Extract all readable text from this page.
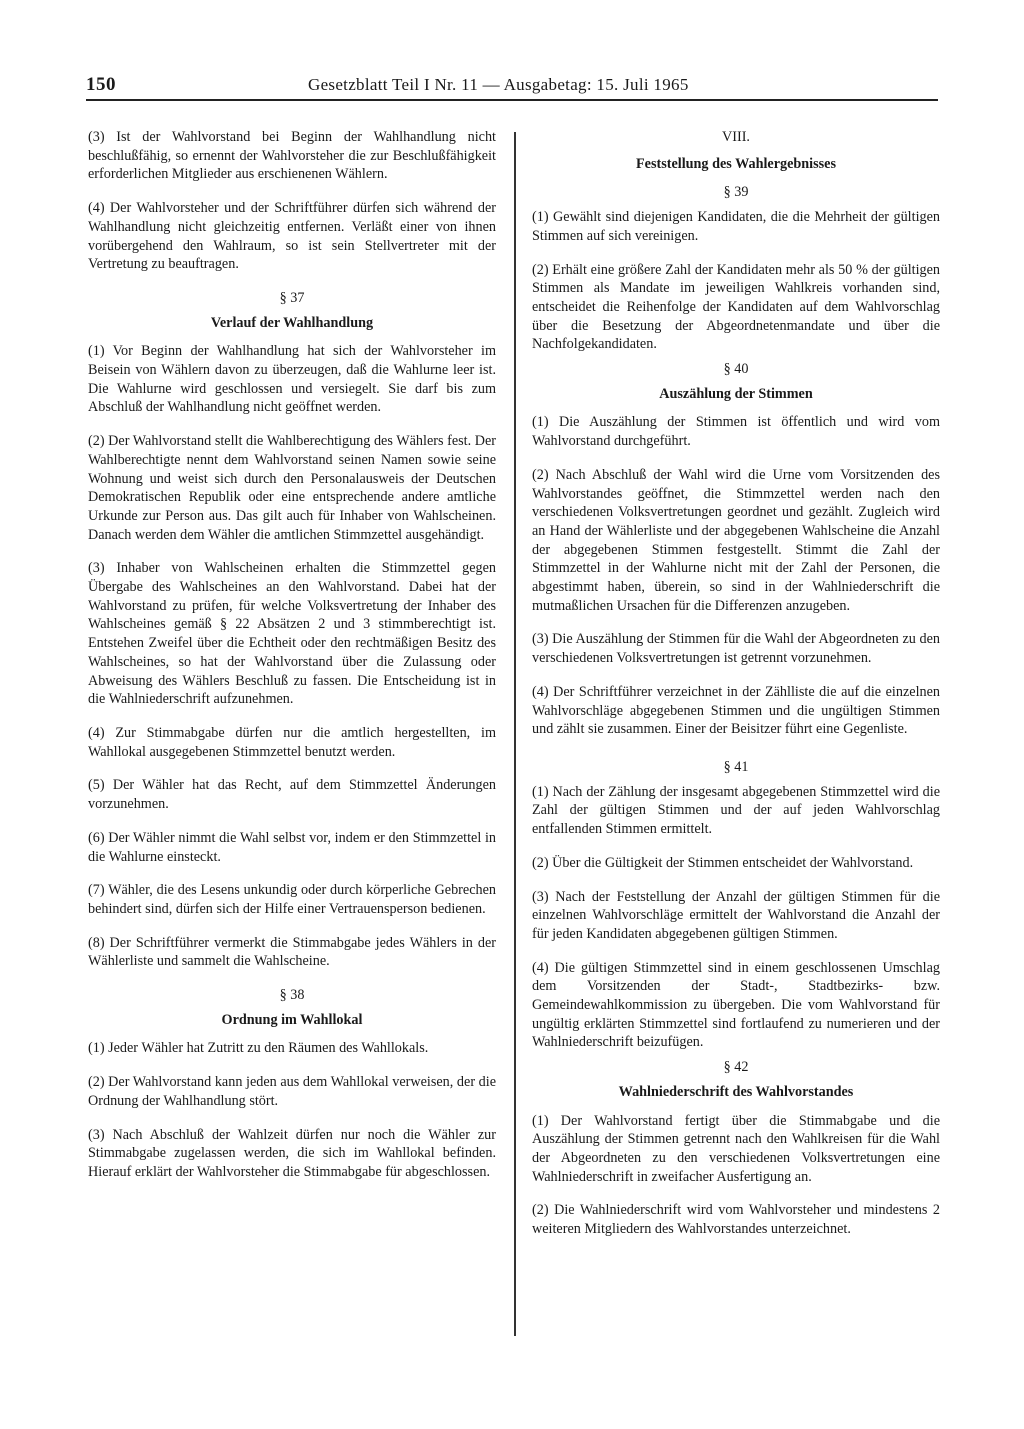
150	Gesetzblatt Teil I Nr. 11 — Ausgabetag: 15. Juli 1965

(3) Ist der Wahlvorstand bei Beginn der Wahlhandlung nicht beschlußfähig, so ernennt der Wahlvorsteher die zur Beschlußfähigkeit erforderlichen Mitglieder aus erschienenen Wählern.

(4) Der Wahlvorsteher und der Schriftführer dürfen sich während der Wahlhandlung nicht gleichzeitig entfernen. Verläßt einer von ihnen vorübergehend den Wahlraum, so ist sein Stellvertreter mit der Vertretung zu beauftragen.

§ 37
Verlauf der Wahlhandlung

(1) Vor Beginn der Wahlhandlung hat sich der Wahlvorsteher im Beisein von Wählern davon zu überzeugen, daß die Wahlurne leer ist. Die Wahlurne wird geschlossen und versiegelt. Sie darf bis zum Abschluß der Wahlhandlung nicht geöffnet werden.

(2) Der Wahlvorstand stellt die Wahlberechtigung des Wählers fest. Der Wahlberechtigte nennt dem Wahlvorstand seinen Namen sowie seine Wohnung und weist sich durch den Personalausweis der Deutschen Demokratischen Republik oder eine entsprechende andere amtliche Urkunde zur Person aus. Das gilt auch für Inhaber von Wahlscheinen. Danach werden dem Wähler die amtlichen Stimmzettel ausgehändigt.

(3) Inhaber von Wahlscheinen erhalten die Stimmzettel gegen Übergabe des Wahlscheines an den Wahlvorstand. Dabei hat der Wahlvorstand zu prüfen, für welche Volksvertretung der Inhaber des Wahlscheines gemäß § 22 Absätzen 2 und 3 stimmberechtigt ist. Entstehen Zweifel über die Echtheit oder den rechtmäßigen Besitz des Wahlscheines, so hat der Wahlvorstand über die Zulassung oder Abweisung des Wählers Beschluß zu fassen. Die Entscheidung ist in die Wahlniederschrift aufzunehmen.

(4) Zur Stimmabgabe dürfen nur die amtlich hergestellten, im Wahllokal ausgegebenen Stimmzettel benutzt werden.

(5) Der Wähler hat das Recht, auf dem Stimmzettel Änderungen vorzunehmen.

(6) Der Wähler nimmt die Wahl selbst vor, indem er den Stimmzettel in die Wahlurne einsteckt.

(7) Wähler, die des Lesens unkundig oder durch körperliche Gebrechen behindert sind, dürfen sich der Hilfe einer Vertrauensperson bedienen.

(8) Der Schriftführer vermerkt die Stimmabgabe jedes Wählers in der Wählerliste und sammelt die Wahlscheine.

§ 38
Ordnung im Wahllokal

(1) Jeder Wähler hat Zutritt zu den Räumen des Wahllokals.

(2) Der Wahlvorstand kann jeden aus dem Wahllokal verweisen, der die Ordnung der Wahlhandlung stört.

(3) Nach Abschluß der Wahlzeit dürfen nur noch die Wähler zur Stimmabgabe zugelassen werden, die sich im Wahllokal befinden. Hierauf erklärt der Wahlvorsteher die Stimmabgabe für abgeschlossen.

VIII.
Feststellung des Wahlergebnisses
§ 39

(1) Gewählt sind diejenigen Kandidaten, die die Mehrheit der gültigen Stimmen auf sich vereinigen.

(2) Erhält eine größere Zahl der Kandidaten mehr als 50 % der gültigen Stimmen als Mandate im jeweiligen Wahlkreis vorhanden sind, entscheidet die Reihenfolge der Kandidaten auf dem Wahlvorschlag über die Besetzung der Abgeordnetenmandate und über die Nachfolgekandidaten.

§ 40
Auszählung der Stimmen

(1) Die Auszählung der Stimmen ist öffentlich und wird vom Wahlvorstand durchgeführt.

(2) Nach Abschluß der Wahl wird die Urne vom Vorsitzenden des Wahlvorstandes geöffnet, die Stimmzettel werden nach den verschiedenen Volksvertretungen geordnet und gezählt. Zugleich wird an Hand der Wählerliste und der abgegebenen Wahlscheine die Anzahl der abgegebenen Stimmen festgestellt. Stimmt die Zahl der Stimmzettel in der Wahlurne nicht mit der Zahl der Personen, die abgestimmt haben, überein, so sind in der Wahlniederschrift die mutmaßlichen Ursachen für die Differenzen anzugeben.

(3) Die Auszählung der Stimmen für die Wahl der Abgeordneten zu den verschiedenen Volksvertretungen ist getrennt vorzunehmen.

(4) Der Schriftführer verzeichnet in der Zählliste die auf die einzelnen Wahlvorschläge abgegebenen Stimmen und die ungültigen Stimmen und zählt sie zusammen. Einer der Beisitzer führt eine Gegenliste.

§ 41

(1) Nach der Zählung der insgesamt abgegebenen Stimmzettel wird die Zahl der gültigen Stimmen und der auf jeden Wahlvorschlag entfallenden Stimmen ermittelt.

(2) Über die Gültigkeit der Stimmen entscheidet der Wahlvorstand.

(3) Nach der Feststellung der Anzahl der gültigen Stimmen für die einzelnen Wahlvorschläge ermittelt der Wahlvorstand die Anzahl der für jeden Kandidaten abgegebenen gültigen Stimmen.

(4) Die gültigen Stimmzettel sind in einem geschlossenen Umschlag dem Vorsitzenden der Stadt-, Stadtbezirks- bzw. Gemeindewahlkommission zu übergeben. Die vom Wahlvorstand für ungültig erklärten Stimmzettel sind fortlaufend zu numerieren und der Wahlniederschrift beizufügen.

§ 42
Wahlniederschrift des Wahlvorstandes

(1) Der Wahlvorstand fertigt über die Stimmabgabe und die Auszählung der Stimmen getrennt nach den Wahlkreisen für die Wahl der Abgeordneten zu den verschiedenen Volksvertretungen eine Wahlniederschrift in zweifacher Ausfertigung an.

(2) Die Wahlniederschrift wird vom Wahlvorsteher und mindestens 2 weiteren Mitgliedern des Wahlvorstandes unterzeichnet.
